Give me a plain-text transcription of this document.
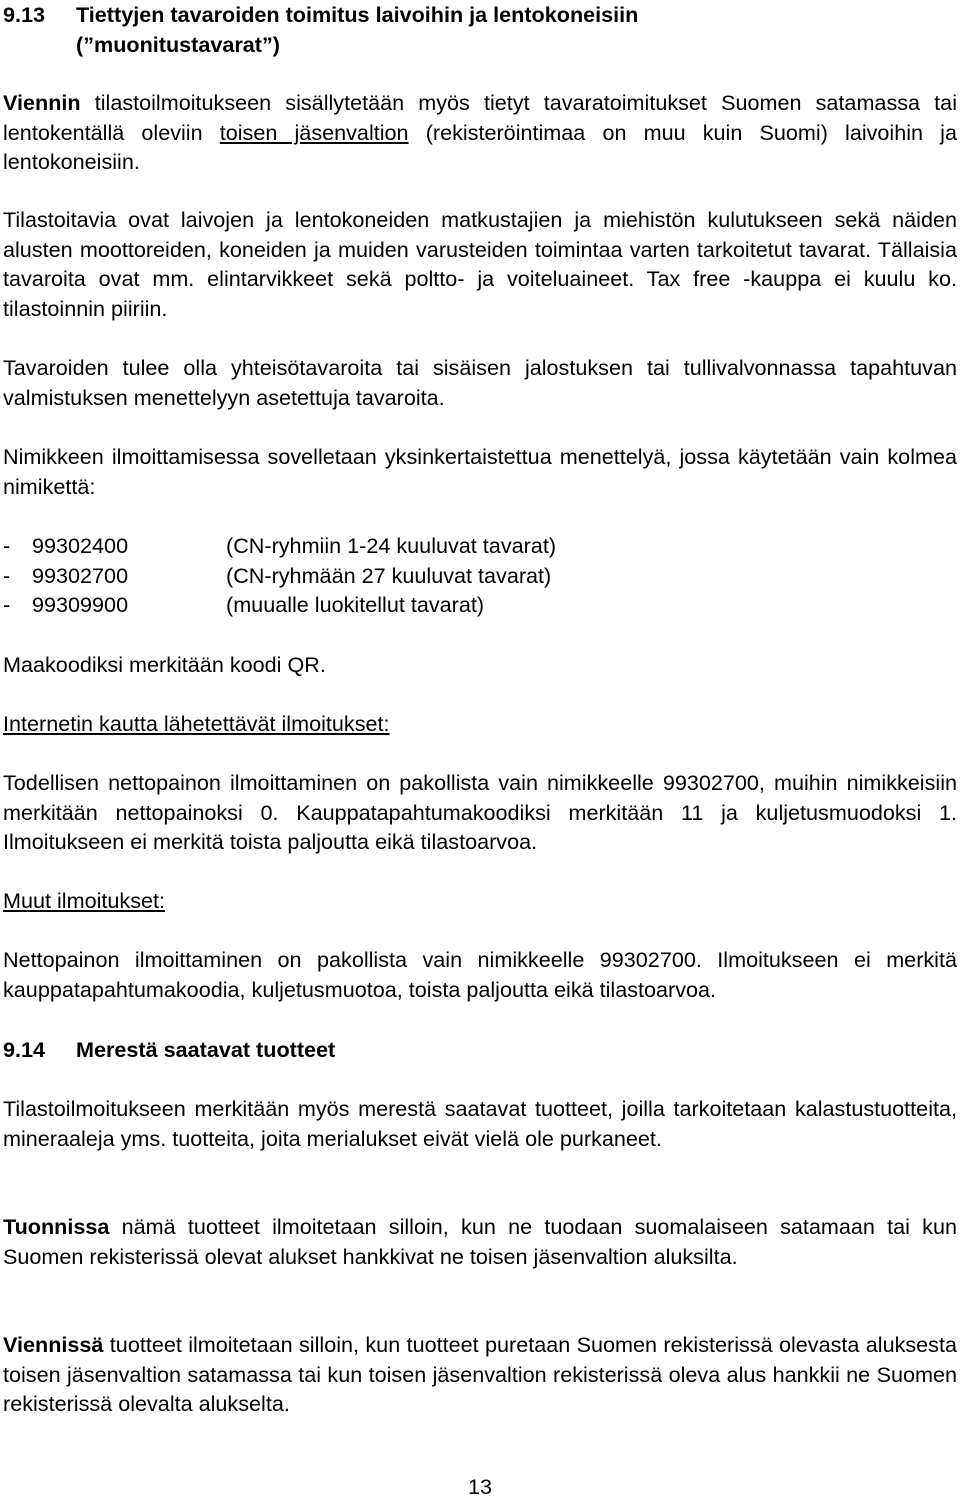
9.13 Tiettyjen tavaroiden toimitus laivoihin ja lentokoneisiin
(”muonitustavarat”)
Viennin tilastoilmoitukseen sisällytetään myös tietyt tavaratoimitukset Suomen satamassa tai lentokentällä oleviin toisen jäsenvaltion (rekisteröintimaa on muu kuin Suomi) laivoihin ja lentokoneisiin.
Tilastoitavia ovat laivojen ja lentokoneiden matkustajien ja miehistön kulutukseen sekä näiden alusten moottoreiden, koneiden ja muiden varusteiden toimintaa varten tarkoitetut tavarat. Tällaisia tavaroita ovat mm. elintarvikkeet sekä poltto- ja voiteluaineet. Tax free -kauppa ei kuulu ko. tilastoinnin piiriin.
Tavaroiden tulee olla yhteisötavaroita tai sisäisen jalostuksen tai tullivalvonnassa tapahtuvan valmistuksen menettelyyn asetettuja tavaroita.
Nimikkeen ilmoittamisessa sovelletaan yksinkertaistettua menettelyä, jossa käytetään vain kolmea nimikettä:
- 99302400	(CN-ryhmiin 1-24 kuuluvat tavarat)
- 99302700	(CN-ryhmään 27 kuuluvat tavarat)
- 99309900	(muualle luokitellut tavarat)
Maakoodiksi merkitään koodi QR.
Internetin kautta lähetettävät ilmoitukset:
Todellisen nettopainon ilmoittaminen on pakollista vain nimikkeelle 99302700, muihin nimikkeisiin merkitään nettopainoksi 0. Kauppatapahtumakoodiksi merkitään 11 ja kuljetusmuodoksi 1. Ilmoitukseen ei merkitä toista paljoutta eikä tilastoarvoa.
Muut ilmoitukset:
Nettopainon ilmoittaminen on pakollista vain nimikkeelle 99302700. Ilmoitukseen ei merkitä kauppatapahtumakoodia, kuljetusmuotoa, toista paljoutta eikä tilastoarvoa.
9.14 Merestä saatavat tuotteet
Tilastoilmoitukseen merkitään myös merestä saatavat tuotteet, joilla tarkoitetaan kalastustuotteita, mineraaleja yms. tuotteita, joita merialukset eivät vielä ole purkaneet.
Tuonnissa nämä tuotteet ilmoitetaan silloin, kun ne tuodaan suomalaiseen satamaan tai kun Suomen rekisterissä olevat alukset hankkivat ne toisen jäsenvaltion aluksilta.
Viennissä tuotteet ilmoitetaan silloin, kun tuotteet puretaan Suomen rekisterissä olevasta aluksesta toisen jäsenvaltion satamassa tai kun toisen jäsenvaltion rekisterissä oleva alus hankkii ne Suomen rekisterissä olevalta alukselta.
13
